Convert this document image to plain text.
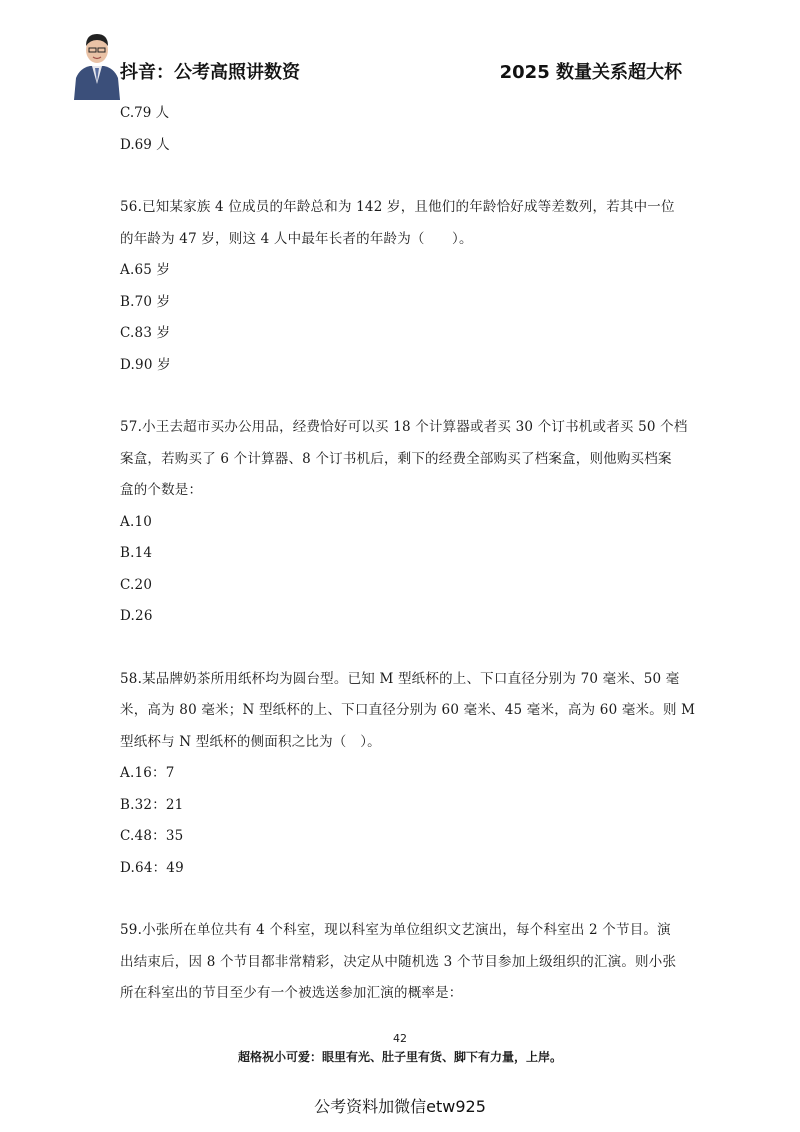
抖音：公考高照讲数资	2025 数量关系超大杯
C.79 人
D.69 人
56.已知某家族 4 位成员的年龄总和为 142 岁，且他们的年龄恰好成等差数列，若其中一位
的年龄为 47 岁，则这 4 人中最年长者的年龄为（　　）。
A.65 岁
B.70 岁
C.83 岁
D.90 岁
57.小王去超市买办公用品，经费恰好可以买 18 个计算器或者买 30 个订书机或者买 50 个档
案盒，若购买了 6 个计算器、8 个订书机后，剩下的经费全部购买了档案盒，则他购买档案
盒的个数是：
A.10
B.14
C.20
D.26
58.某品牌奶茶所用纸杯均为圆台型。已知 M 型纸杯的上、下口直径分别为 70 毫米、50 毫
米，高为 80 毫米；N 型纸杯的上、下口直径分别为 60 毫米、45 毫米，高为 60 毫米。则 M
型纸杯与 N 型纸杯的侧面积之比为（　）。
A.16：7
B.32：21
C.48：35
D.64：49
59.小张所在单位共有 4 个科室，现以科室为单位组织文艺演出，每个科室出 2 个节目。演
出结束后，因 8 个节目都非常精彩，决定从中随机选 3 个节目参加上级组织的汇演。则小张
所在科室出的节目至少有一个被选送参加汇演的概率是：
42
超格祝小可爱：眼里有光、肚子里有货、脚下有力量，上岸。
公考资料加微信etw925
